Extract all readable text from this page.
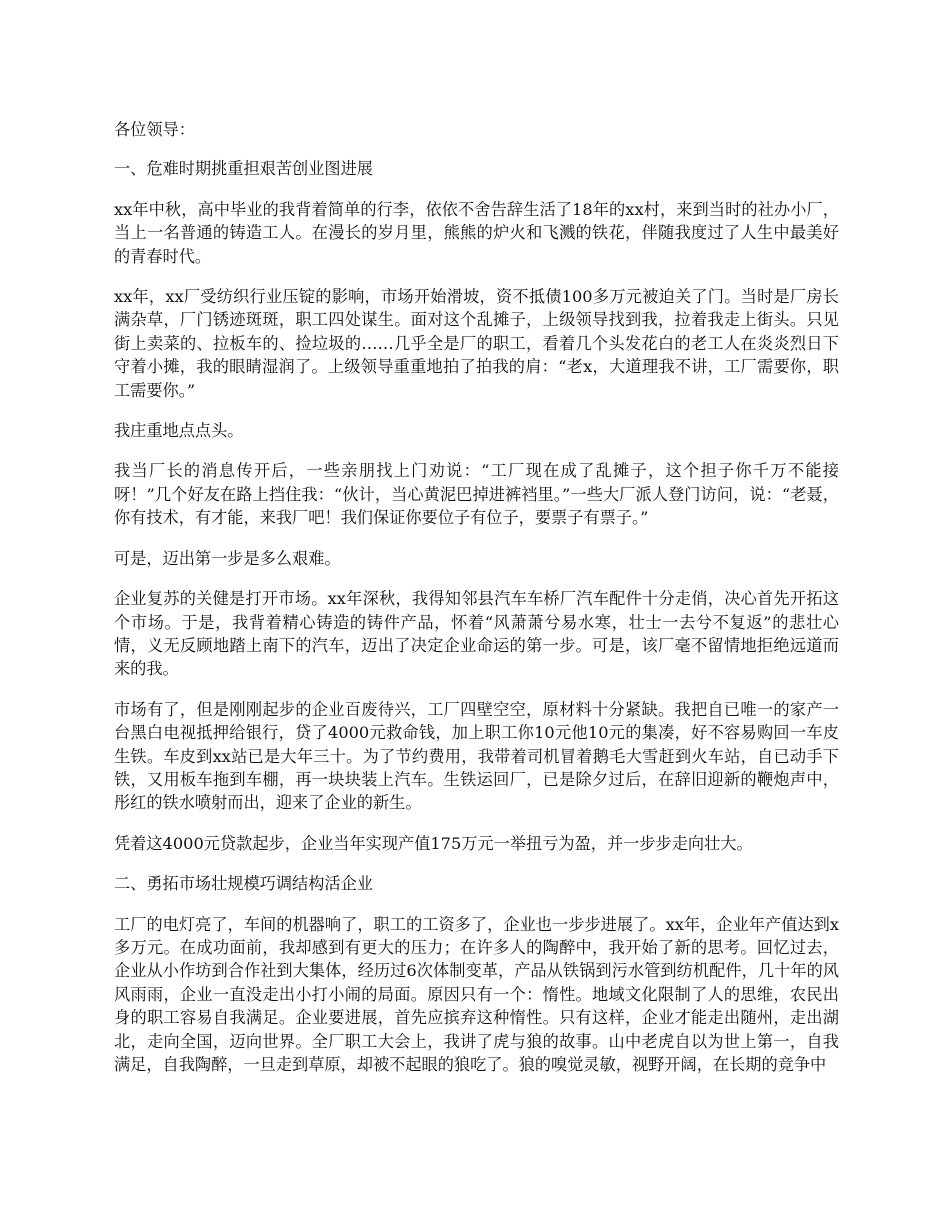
各位领导：

一、危难时期挑重担艰苦创业图进展

xx年中秋，高中毕业的我背着简单的行李，依依不舍告辞生活了18年的xx村，来到当时的社办小厂，当上一名普通的铸造工人。在漫长的岁月里，熊熊的炉火和飞溅的铁花，伴随我度过了人生中最美好的青春时代。

xx年，xx厂受纺织行业压锭的影响，市场开始滑坡，资不抵债100多万元被迫关了门。当时是厂房长满杂草，厂门锈迹斑斑，职工四处谋生。面对这个乱摊子，上级领导找到我，拉着我走上街头。只见街上卖菜的、拉板车的、捡垃圾的……几乎全是厂的职工，看着几个头发花白的老工人在炎炎烈日下守着小摊，我的眼睛湿润了。上级领导重重地拍了拍我的肩：“老x，大道理我不讲，工厂需要你，职工需要你。”

我庄重地点点头。

我当厂长的消息传开后，一些亲朋找上门劝说：“工厂现在成了乱摊子，这个担子你千万不能接呀！”几个好友在路上挡住我：“伙计，当心黄泥巴掉进裤裆里。”一些大厂派人登门访问，说：“老聂，你有技术，有才能，来我厂吧！我们保证你要位子有位子，要票子有票子。”

可是，迈出第一步是多么艰难。

企业复苏的关健是打开市场。xx年深秋，我得知邻县汽车车桥厂汽车配件十分走俏，决心首先开拓这个市场。于是，我背着精心铸造的铸件产品，怀着“风萧萧兮易水寒，壮士一去兮不复返”的悲壮心情，义无反顾地踏上南下的汽车，迈出了决定企业命运的第一步。可是，该厂毫不留情地拒绝远道而来的我。

市场有了，但是刚刚起步的企业百废待兴，工厂四壁空空，原材料十分紧缺。我把自已唯一的家产一台黑白电视抵押给银行，贷了4000元救命钱，加上职工你10元他10元的集凑，好不容易购回一车皮生铁。车皮到xx站已是大年三十。为了节约费用，我带着司机冒着鹅毛大雪赶到火车站，自已动手下铁，又用板车拖到车棚，再一块块装上汽车。生铁运回厂，已是除夕过后，在辞旧迎新的鞭炮声中，彤红的铁水喷射而出，迎来了企业的新生。

凭着这4000元贷款起步，企业当年实现产值175万元一举扭亏为盈，并一步步走向壮大。

二、勇拓市场壮规模巧调结构活企业

工厂的电灯亮了，车间的机器响了，职工的工资多了，企业也一步步进展了。xx年，企业年产值达到x多万元。在成功面前，我却感到有更大的压力；在许多人的陶醉中，我开始了新的思考。回忆过去，企业从小作坊到合作社到大集体，经历过6次体制变革，产品从铁锅到污水管到纺机配件，几十年的风风雨雨，企业一直没走出小打小闹的局面。原因只有一个：惰性。地域文化限制了人的思维，农民出身的职工容易自我满足。企业要进展，首先应摈弃这种惰性。只有这样，企业才能走出随州，走出湖北，走向全国，迈向世界。全厂职工大会上，我讲了虎与狼的故事。山中老虎自以为世上第一，自我满足，自我陶醉，一旦走到草原，却被不起眼的狼吃了。狼的嗅觉灵敏，视野开阔，在长期的竞争中
